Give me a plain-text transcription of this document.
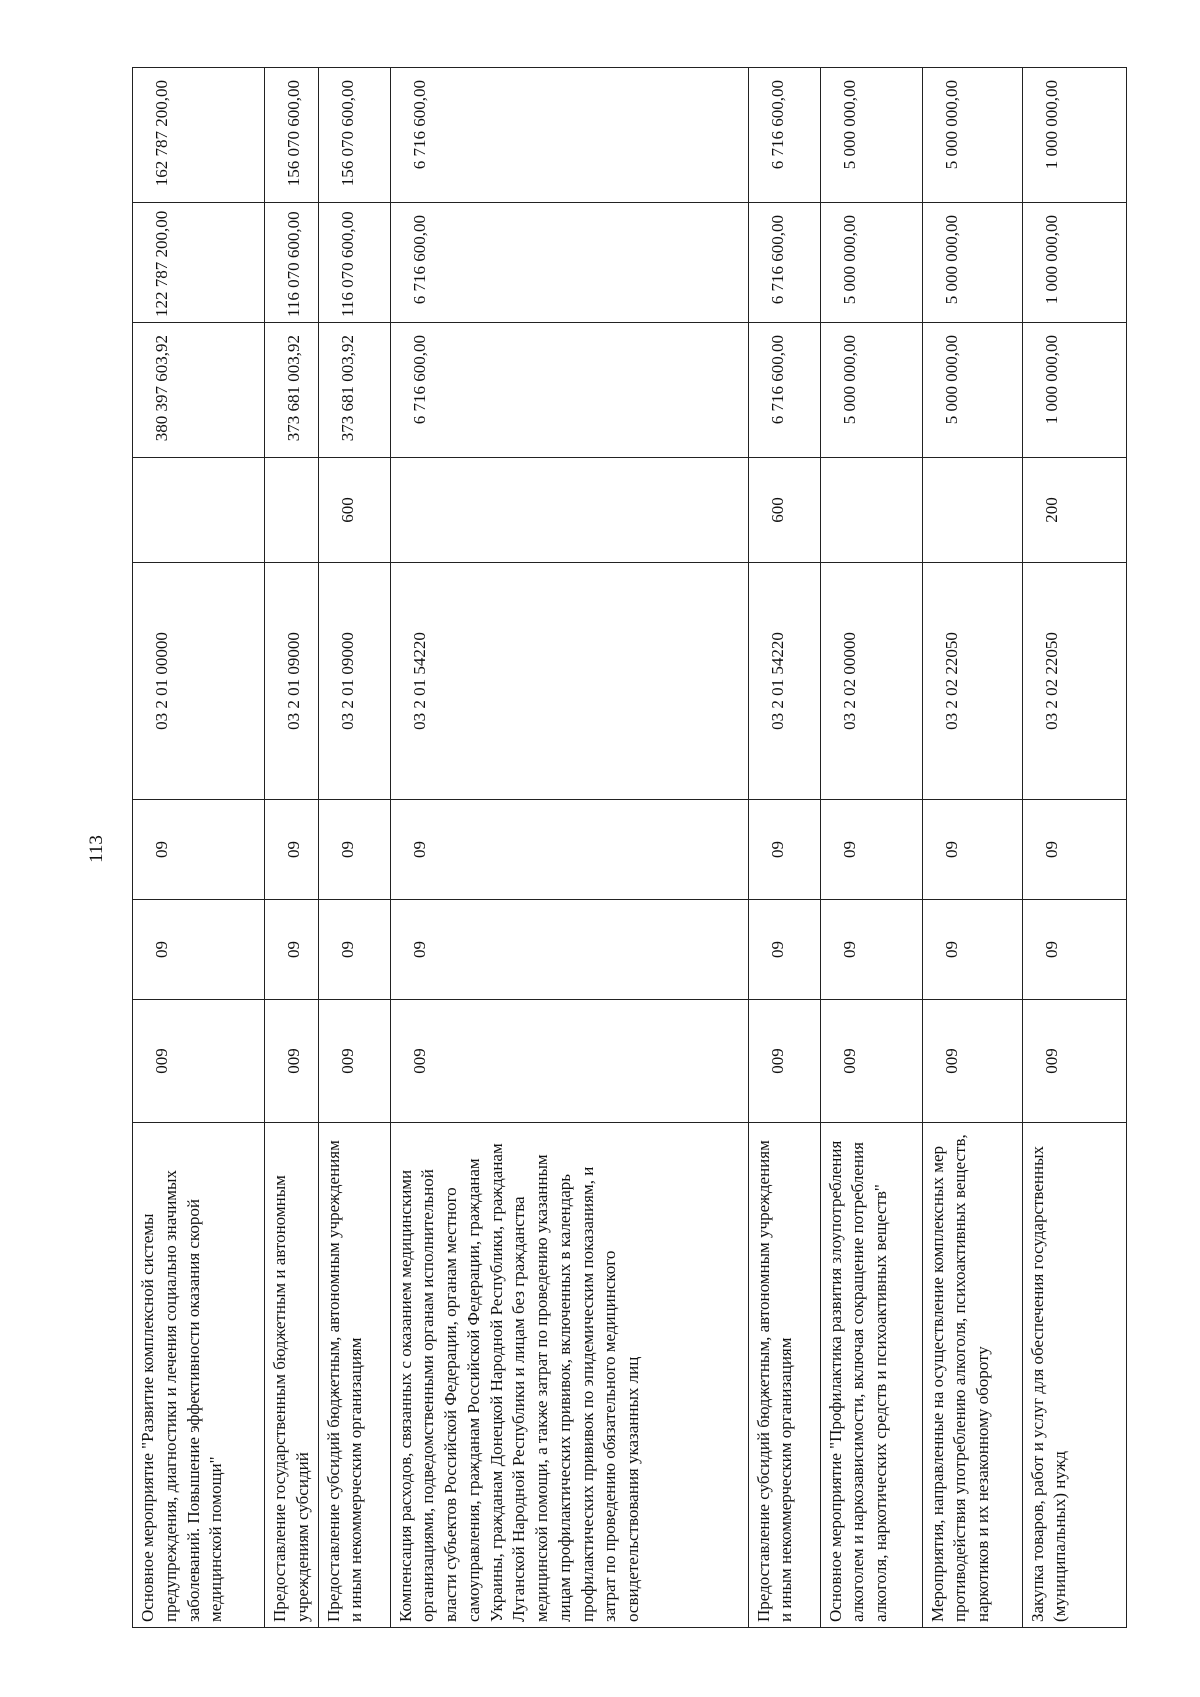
113
Основное мероприятие "Развитие комплексной системы предупреждения, диагностики и лечения социально значимых заболеваний. Повышение эффективности оказания скорой медицинской помощи"	009	09	09	03 2 01 00000		380 397 603,92	122 787 200,00	162 787 200,00
Предоставление государственным бюджетным и автономным учреждениям субсидий	009	09	09	03 2 01 09000		373 681 003,92	116 070 600,00	156 070 600,00
Предоставление субсидий бюджетным, автономным учреждениям и иным некоммерческим организациям	009	09	09	03 2 01 09000	600	373 681 003,92	116 070 600,00	156 070 600,00
Компенсация расходов, связанных с оказанием медицинскими организациями, подведомственными органам исполнительной власти субъектов Российской Федерации, органам местного самоуправления, гражданам Российской Федерации, гражданам Украины, гражданам Донецкой Народной Республики, гражданам Луганской Народной Республики и лицам без гражданства медицинской помощи, а также затрат по проведению указанным лицам профилактических прививок, включенных в календарь профилактических прививок по эпидемическим показаниям, и затрат по проведению обязательного медицинского освидетельствования указанных лиц	009	09	09	03 2 01 54220		6 716 600,00	6 716 600,00	6 716 600,00
Предоставление субсидий бюджетным, автономным учреждениям и иным некоммерческим организациям	009	09	09	03 2 01 54220	600	6 716 600,00	6 716 600,00	6 716 600,00
Основное мероприятие "Профилактика развития злоупотребления алкоголем и наркозависимости, включая сокращение потребления алкоголя, наркотических средств и психоактивных веществ"	009	09	09	03 2 02 00000		5 000 000,00	5 000 000,00	5 000 000,00
Мероприятия, направленные на осуществление комплексных мер противодействия употреблению алкоголя, психоактивных веществ, наркотиков и их незаконному обороту	009	09	09	03 2 02 22050		5 000 000,00	5 000 000,00	5 000 000,00
Закупка товаров, работ и услуг для обеспечения государственных (муниципальных) нужд	009	09	09	03 2 02 22050	200	1 000 000,00	1 000 000,00	1 000 000,00
